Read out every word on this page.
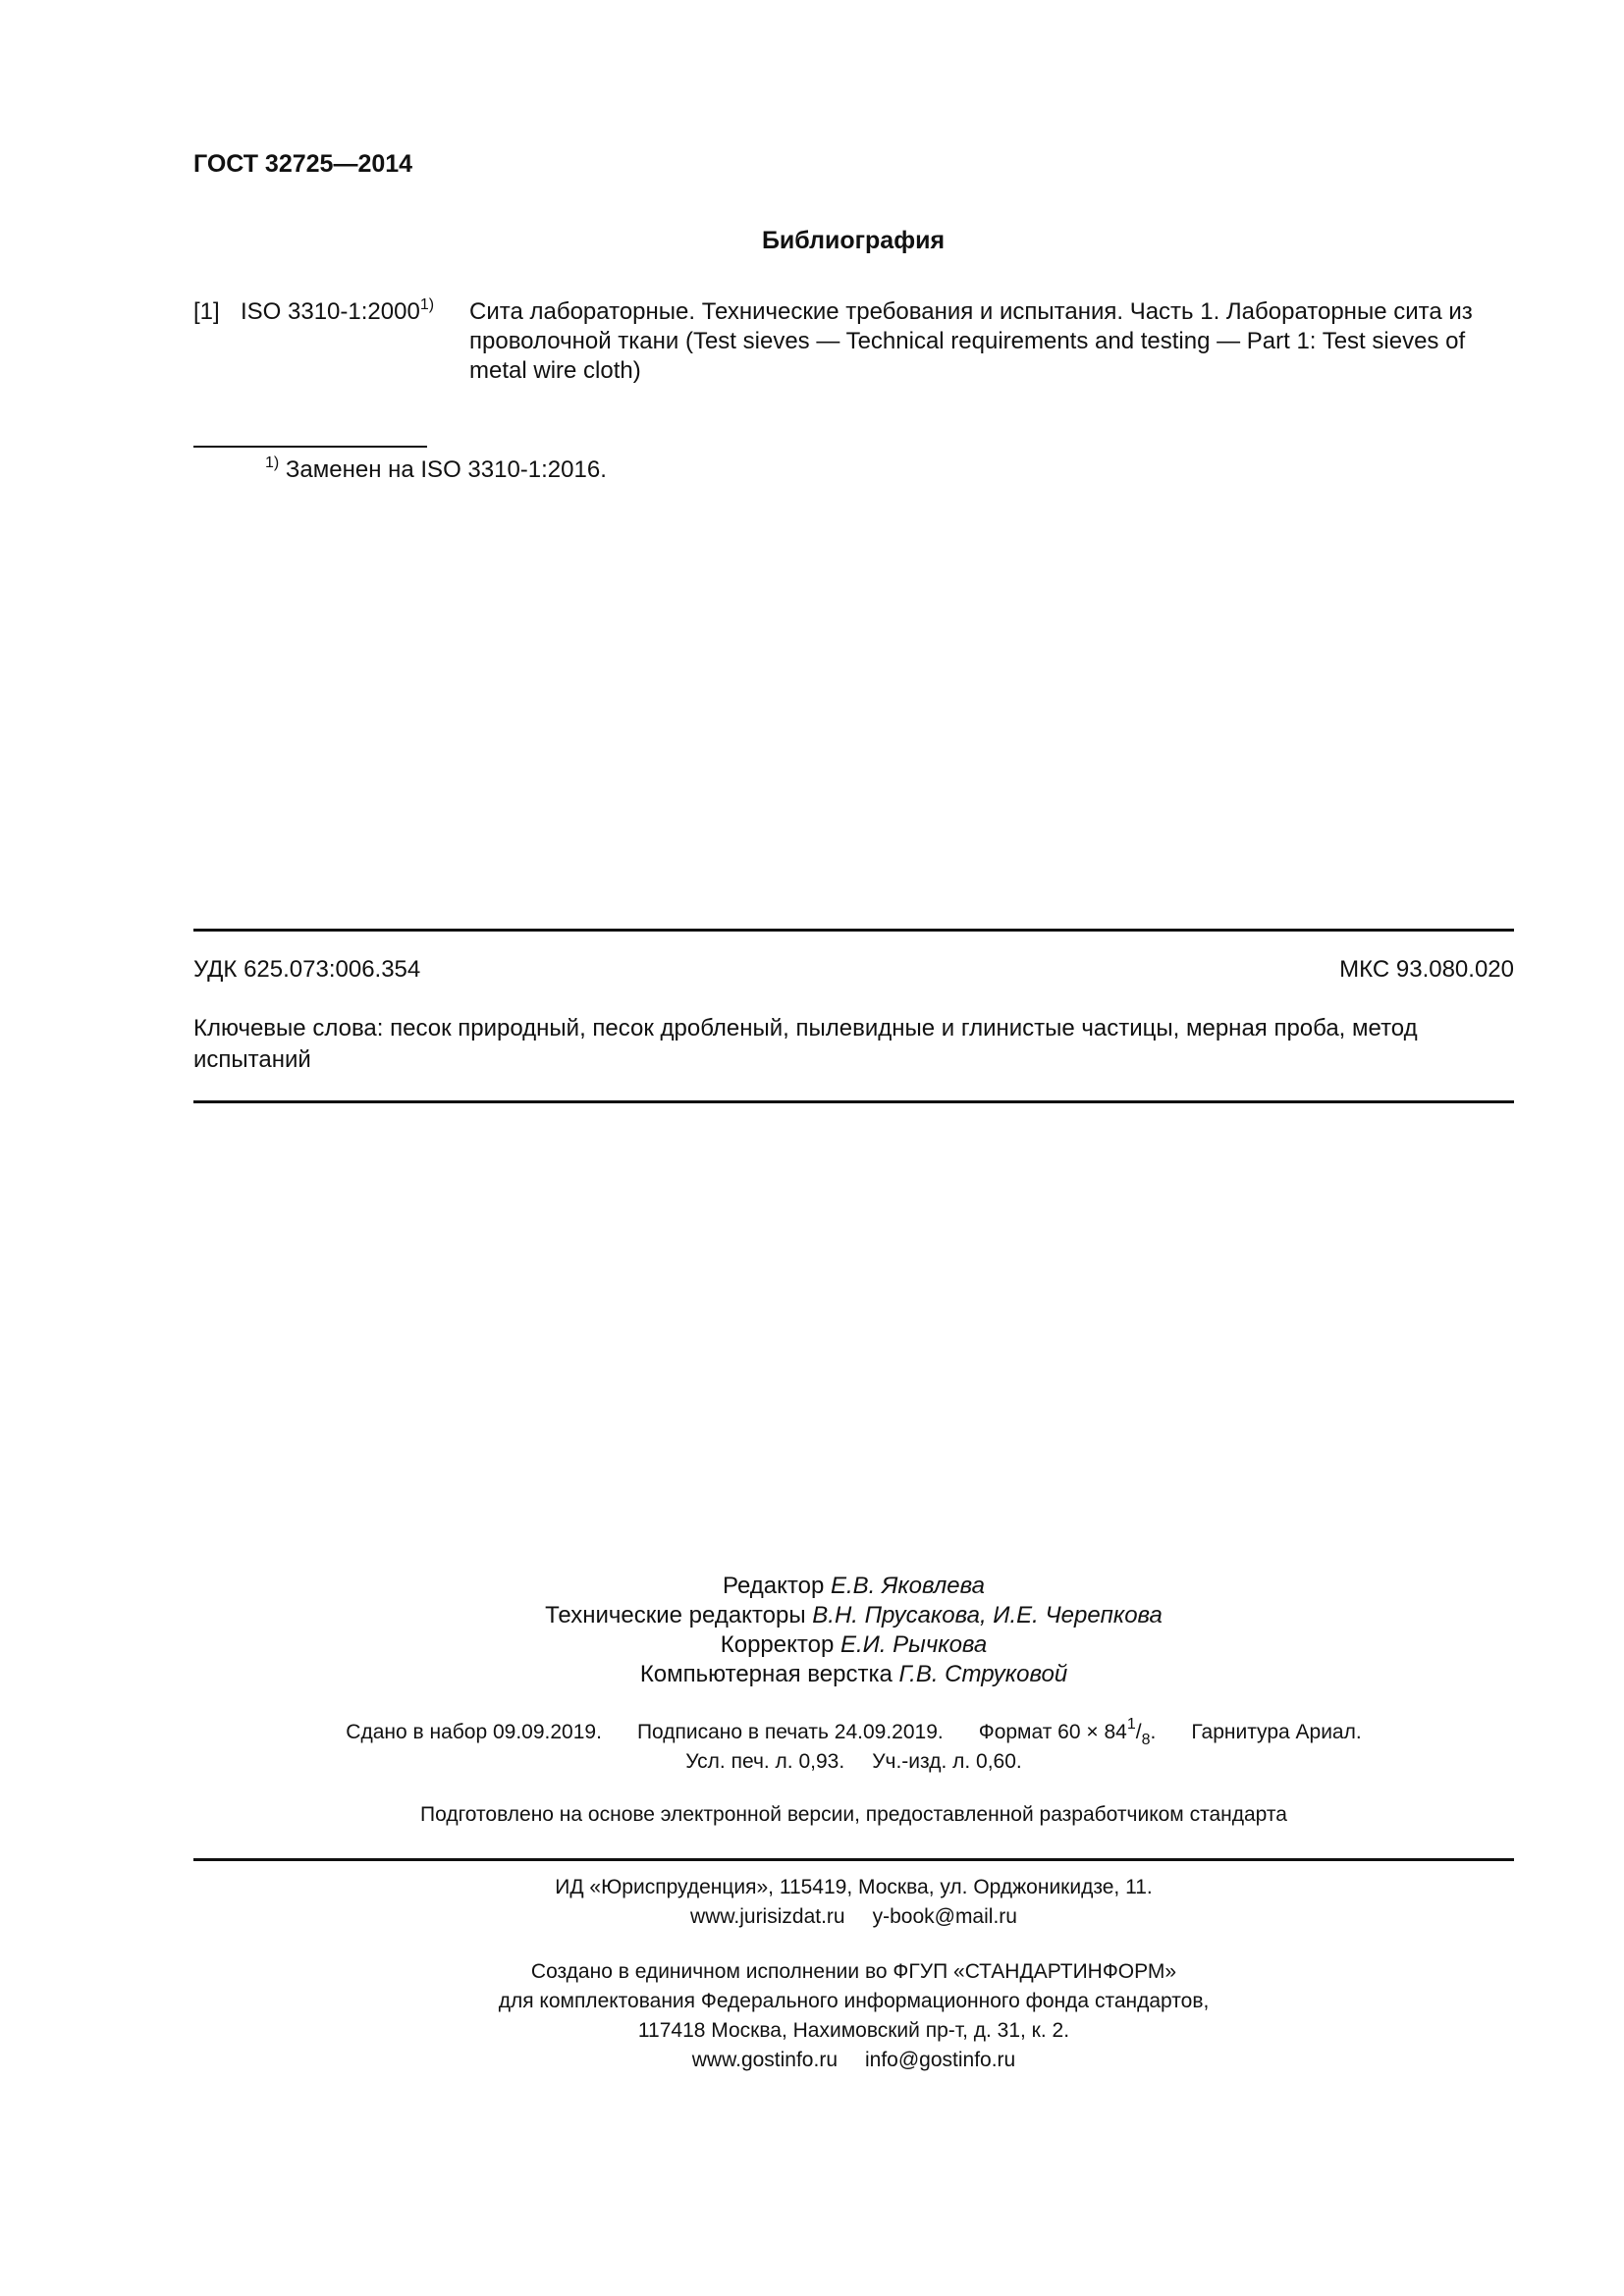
ГОСТ 32725—2014
Библиография
[1] ISO 3310-1:2000$^{1)}$ Сита лабораторные. Технические требования и испытания. Часть 1. Лабораторные сита из проволочной ткани (Test sieves — Technical requirements and testing — Part 1: Test sieves of metal wire cloth)
$^{1)}$ Заменен на ISO 3310-1:2016.
УДК 625.073:006.354	МКС 93.080.020
Ключевые слова: песок природный, песок дробленый, пылевидные и глинистые частицы, мерная проба, метод испытаний
Редактор Е.В. Яковлева
Технические редакторы В.Н. Прусакова, И.Е. Черепкова
Корректор Е.И. Рычкова
Компьютерная верстка Г.В. Струковой
Сдано в набор 09.09.2019. Подписано в печать 24.09.2019. Формат $60 \times 84^1/_8$. Гарнитура Ариал.
Усл. печ. л. 0,93. Уч.-изд. л. 0,60.
Подготовлено на основе электронной версии, предоставленной разработчиком стандарта
ИД «Юриспруденция», 115419, Москва, ул. Орджоникидзе, 11.
www.jurisizdat.ru y-book@mail.ru
Создано в единичном исполнении во ФГУП «СТАНДАРТИНФОРМ»
для комплектования Федерального информационного фонда стандартов,
117418 Москва, Нахимовский пр-т, д. 31, к. 2.
www.gostinfo.ru info@gostinfo.ru
